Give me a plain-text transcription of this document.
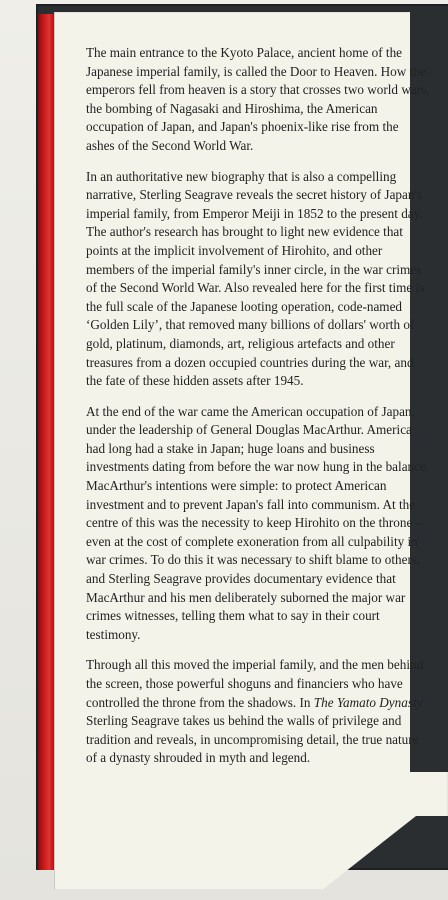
The main entrance to the Kyoto Palace, ancient home of the Japanese imperial family, is called the Door to Heaven. How the emperors fell from heaven is a story that crosses two world wars, the bombing of Nagasaki and Hiroshima, the American occupation of Japan, and Japan's phoenix-like rise from the ashes of the Second World War.

In an authoritative new biography that is also a compelling narrative, Sterling Seagrave reveals the secret history of Japan's imperial family, from Emperor Meiji in 1852 to the present day. The author's research has brought to light new evidence that points at the implicit involvement of Hirohito, and other members of the imperial family's inner circle, in the war crimes of the Second World War. Also revealed here for the first time is the full scale of the Japanese looting operation, code-named ‘Golden Lily’, that removed many billions of dollars' worth of gold, platinum, diamonds, art, religious artefacts and other treasures from a dozen occupied countries during the war, and the fate of these hidden assets after 1945.

At the end of the war came the American occupation of Japan, under the leadership of General Douglas MacArthur. America had long had a stake in Japan; huge loans and business investments dating from before the war now hung in the balance. MacArthur's intentions were simple: to protect American investment and to prevent Japan's fall into communism. At the centre of this was the necessity to keep Hirohito on the throne – even at the cost of complete exoneration from all culpability in war crimes. To do this it was necessary to shift blame to others, and Sterling Seagrave provides documentary evidence that MacArthur and his men deliberately suborned the major war crimes witnesses, telling them what to say in their court testimony.

Through all this moved the imperial family, and the men behind the screen, those powerful shoguns and financiers who have controlled the throne from the shadows. In The Yamato Dynasty Sterling Seagrave takes us behind the walls of privilege and tradition and reveals, in uncompromising detail, the true nature of a dynasty shrouded in myth and legend.
